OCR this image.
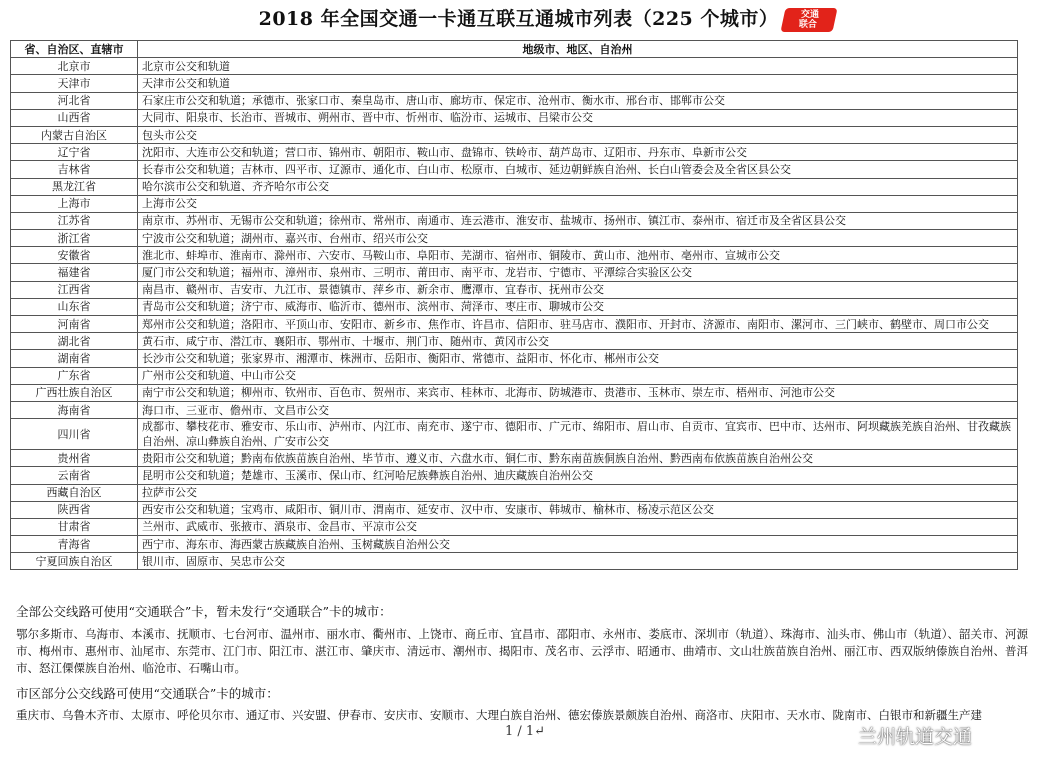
2018 年全国交通一卡通互联互通城市列表（225 个城市）	交通
联合
省、自治区、直辖市	地级市、地区、自治州
北京市	北京市公交和轨道
天津市	天津市公交和轨道
河北省	石家庄市公交和轨道；承德市、张家口市、秦皇岛市、唐山市、廊坊市、保定市、沧州市、衡水市、邢台市、邯郸市公交
山西省	大同市、阳泉市、长治市、晋城市、朔州市、晋中市、忻州市、临汾市、运城市、吕梁市公交
内蒙古自治区	包头市公交
辽宁省	沈阳市、大连市公交和轨道；营口市、锦州市、朝阳市、鞍山市、盘锦市、铁岭市、葫芦岛市、辽阳市、丹东市、阜新市公交
吉林省	长春市公交和轨道；吉林市、四平市、辽源市、通化市、白山市、松原市、白城市、延边朝鲜族自治州、长白山管委会及全省区县公交
黑龙江省	哈尔滨市公交和轨道、齐齐哈尔市公交
上海市	上海市公交
江苏省	南京市、苏州市、无锡市公交和轨道；徐州市、常州市、南通市、连云港市、淮安市、盐城市、扬州市、镇江市、泰州市、宿迁市及全省区县公交
浙江省	宁波市公交和轨道；湖州市、嘉兴市、台州市、绍兴市公交
安徽省	淮北市、蚌埠市、淮南市、滁州市、六安市、马鞍山市、阜阳市、芜湖市、宿州市、铜陵市、黄山市、池州市、亳州市、宣城市公交
福建省	厦门市公交和轨道；福州市、漳州市、泉州市、三明市、莆田市、南平市、龙岩市、宁德市、平潭综合实验区公交
江西省	南昌市、赣州市、吉安市、九江市、景德镇市、萍乡市、新余市、鹰潭市、宜春市、抚州市公交
山东省	青岛市公交和轨道；济宁市、威海市、临沂市、德州市、滨州市、菏泽市、枣庄市、聊城市公交
河南省	郑州市公交和轨道；洛阳市、平顶山市、安阳市、新乡市、焦作市、许昌市、信阳市、驻马店市、濮阳市、开封市、济源市、南阳市、漯河市、三门峡市、鹤壁市、周口市公交
湖北省	黄石市、咸宁市、潜江市、襄阳市、鄂州市、十堰市、荆门市、随州市、黄冈市公交
湖南省	长沙市公交和轨道；张家界市、湘潭市、株洲市、岳阳市、衡阳市、常德市、益阳市、怀化市、郴州市公交
广东省	广州市公交和轨道、中山市公交
广西壮族自治区	南宁市公交和轨道；柳州市、钦州市、百色市、贺州市、来宾市、桂林市、北海市、防城港市、贵港市、玉林市、崇左市、梧州市、河池市公交
海南省	海口市、三亚市、儋州市、文昌市公交
四川省	成都市、攀枝花市、雅安市、乐山市、泸州市、内江市、南充市、遂宁市、德阳市、广元市、绵阳市、眉山市、自贡市、宜宾市、巴中市、达州市、阿坝藏族羌族自治州、甘孜藏族自治州、凉山彝族自治州、广安市公交
贵州省	贵阳市公交和轨道；黔南布依族苗族自治州、毕节市、遵义市、六盘水市、铜仁市、黔东南苗族侗族自治州、黔西南布依族苗族自治州公交
云南省	昆明市公交和轨道；楚雄市、玉溪市、保山市、红河哈尼族彝族自治州、迪庆藏族自治州公交
西藏自治区	拉萨市公交
陕西省	西安市公交和轨道；宝鸡市、咸阳市、铜川市、渭南市、延安市、汉中市、安康市、韩城市、榆林市、杨凌示范区公交
甘肃省	兰州市、武威市、张掖市、酒泉市、金昌市、平凉市公交
青海省	西宁市、海东市、海西蒙古族藏族自治州、玉树藏族自治州公交
宁夏回族自治区	银川市、固原市、吴忠市公交
全部公交线路可使用“交通联合”卡，暂未发行“交通联合”卡的城市：
鄂尔多斯市、乌海市、本溪市、抚顺市、七台河市、温州市、丽水市、衢州市、上饶市、商丘市、宜昌市、邵阳市、永州市、娄底市、深圳市（轨道）、珠海市、汕头市、佛山市（轨道）、韶关市、河源市、梅州市、惠州市、汕尾市、东莞市、江门市、阳江市、湛江市、肇庆市、清远市、潮州市、揭阳市、茂名市、云浮市、昭通市、曲靖市、文山壮族苗族自治州、丽江市、西双版纳傣族自治州、普洱市、怒江傈僳族自治州、临沧市、石嘴山市。
市区部分公交线路可使用“交通联合”卡的城市：
重庆市、乌鲁木齐市、太原市、呼伦贝尔市、通辽市、兴安盟、伊春市、安庆市、安顺市、大理白族自治州、德宏傣族景颇族自治州、商洛市、庆阳市、天水市、陇南市、白银市和新疆生产建
1 / 1↵	兰州轨道交通
